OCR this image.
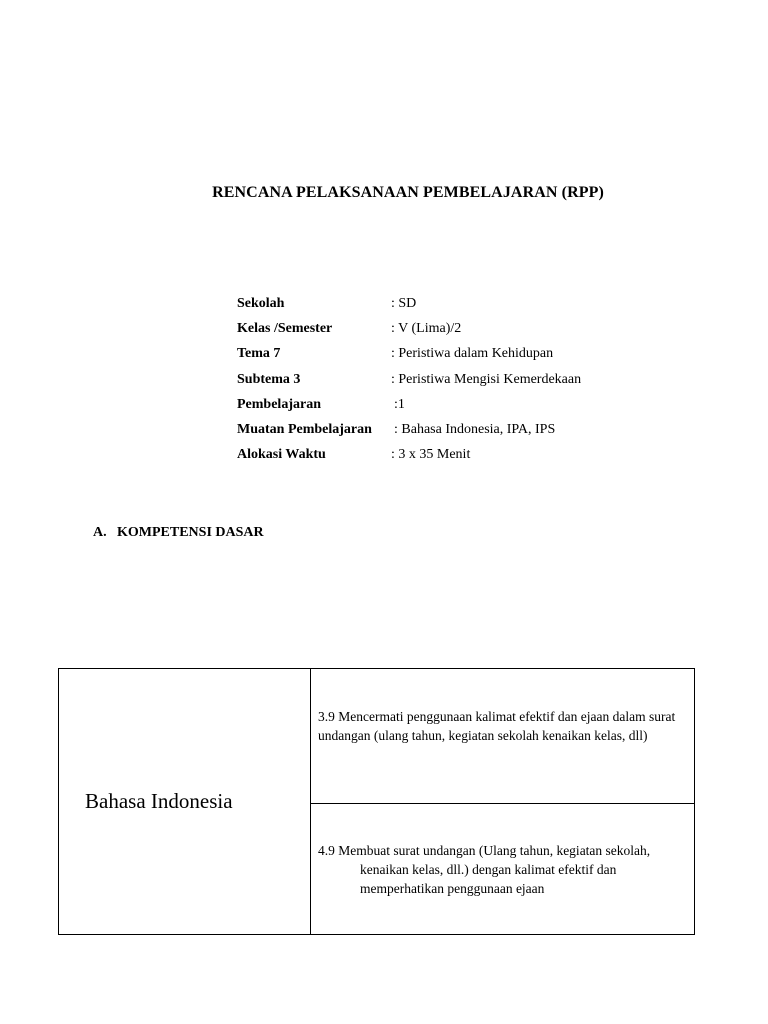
RENCANA PELAKSANAAN PEMBELAJARAN (RPP)
Sekolah	: SD
Kelas /Semester	: V (Lima)/2
Tema 7	: Peristiwa dalam Kehidupan
Subtema 3	: Peristiwa Mengisi Kemerdekaan
Pembelajaran	:1
Muatan Pembelajaran : Bahasa Indonesia, IPA, IPS
Alokasi Waktu	: 3 x 35 Menit
A. KOMPETENSI DASAR
Bahasa Indonesia	3.9 Mencermati penggunaan kalimat efektif dan ejaan dalam surat undangan (ulang tahun, kegiatan sekolah kenaikan kelas, dll)
4.9 Membuat surat undangan (Ulang tahun, kegiatan sekolah,
kenaikan kelas, dll.) dengan kalimat efektif dan memperhatikan penggunaan ejaan
